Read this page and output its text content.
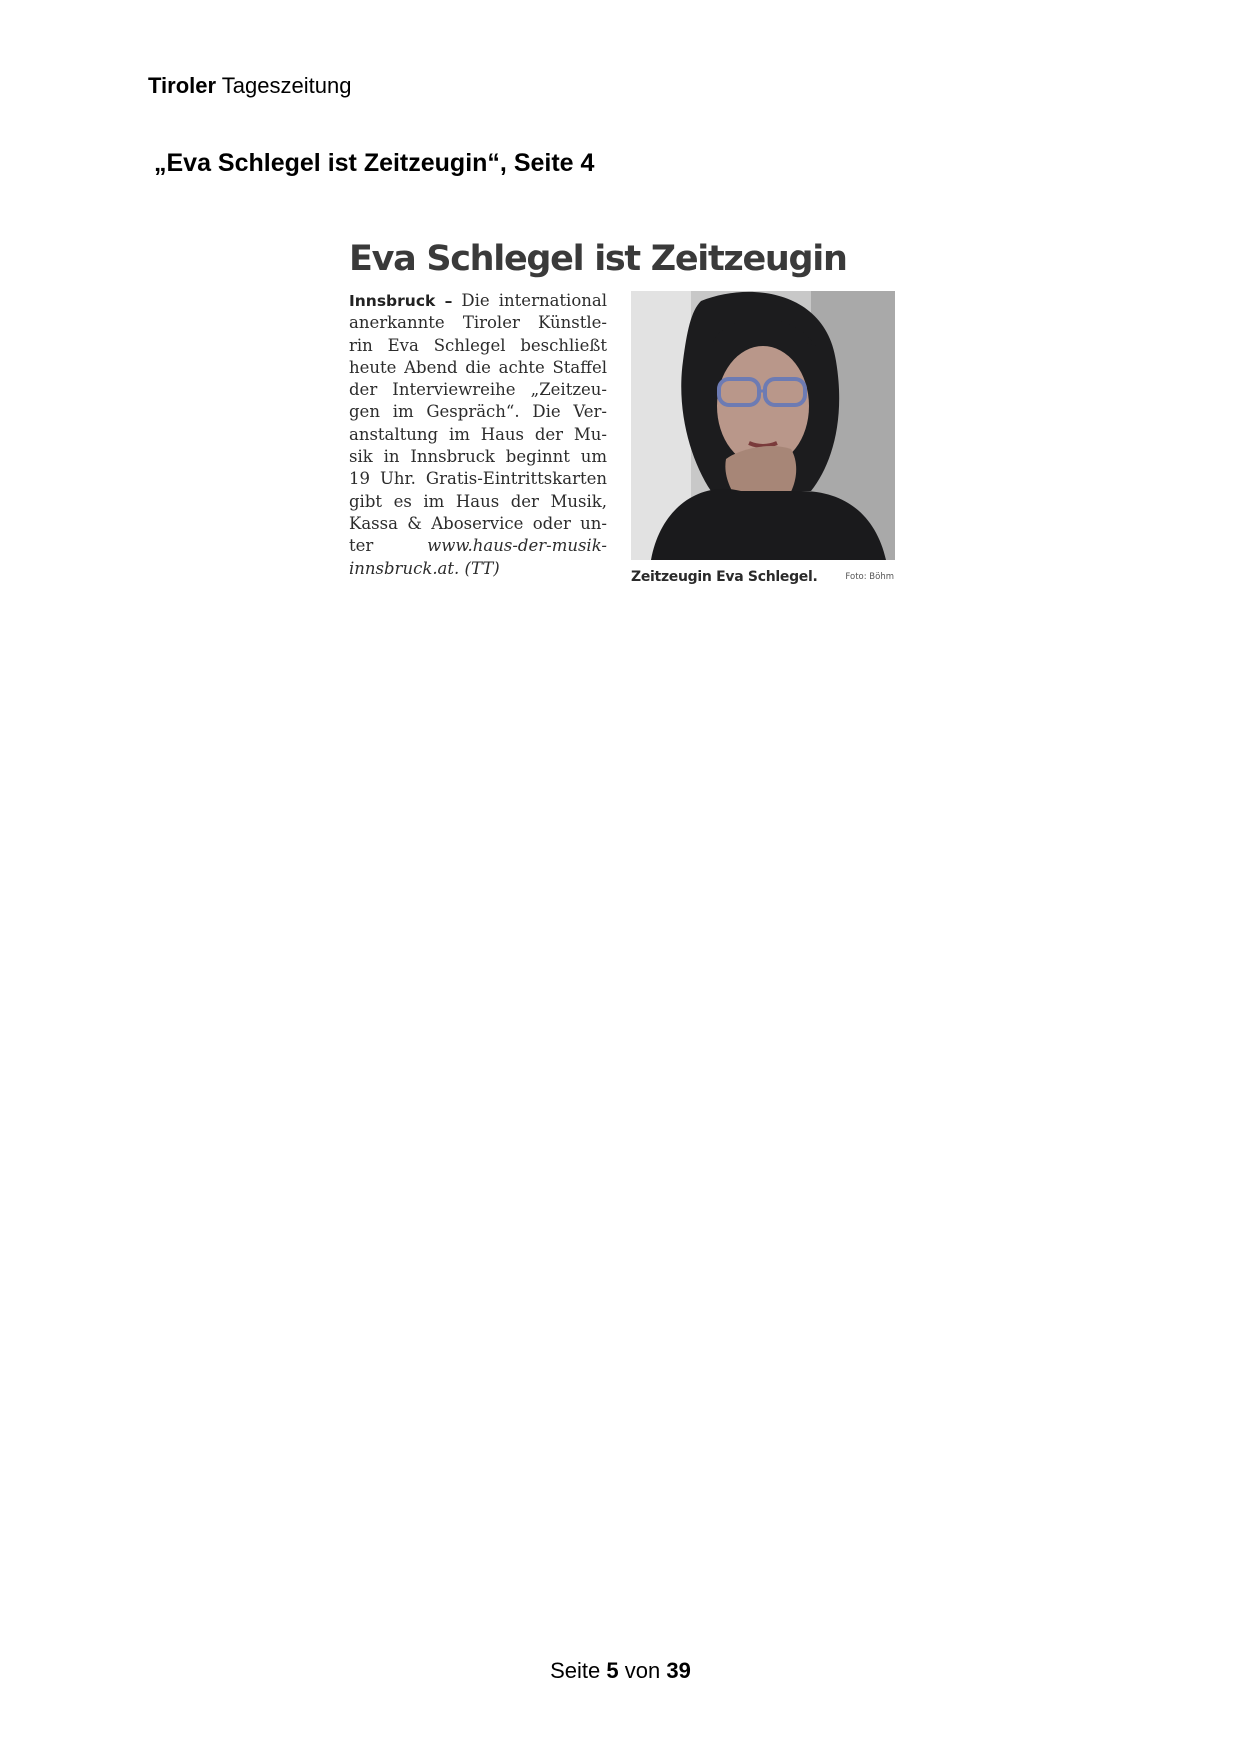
Tiroler Tageszeitung
„Eva Schlegel ist Zeitzeugin“, Seite 4
Eva Schlegel ist Zeitzeugin
Innsbruck – Die international
anerkannte Tiroler Künstle-
rin Eva Schlegel beschließt
heute Abend die achte Staffel
der Interviewreihe „Zeitzeu-
gen im Gespräch“. Die Ver-
anstaltung im Haus der Mu-
sik in Innsbruck beginnt um
19 Uhr. Gratis-Eintrittskarten
gibt es im Haus der Musik,
Kassa & Aboservice oder un-
ter	www.haus-der-musik-
innsbruck.at. (TT)	Zeitzeugin Eva Schlegel.	Foto: Böhm
Seite 5 von 39
